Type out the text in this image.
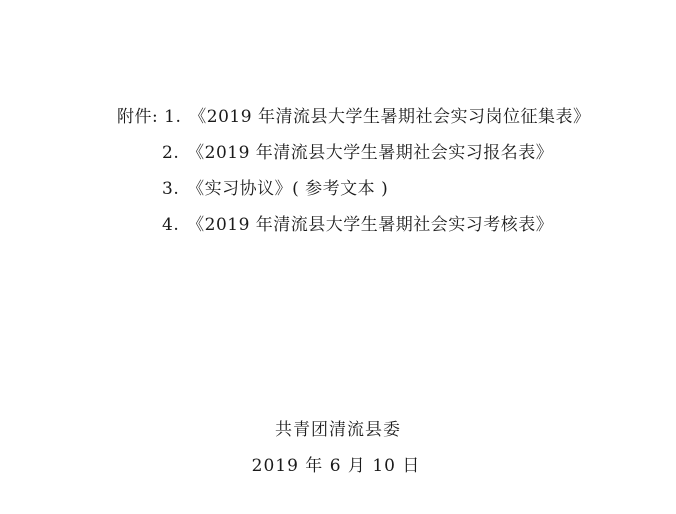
附件: 1. 《2019 年清流县大学生暑期社会实习岗位征集表》
2. 《2019 年清流县大学生暑期社会实习报名表》
3. 《实习协议》( 参考文本 )
4. 《2019 年清流县大学生暑期社会实习考核表》
共青团清流县委
2019 年 6 月 10 日
